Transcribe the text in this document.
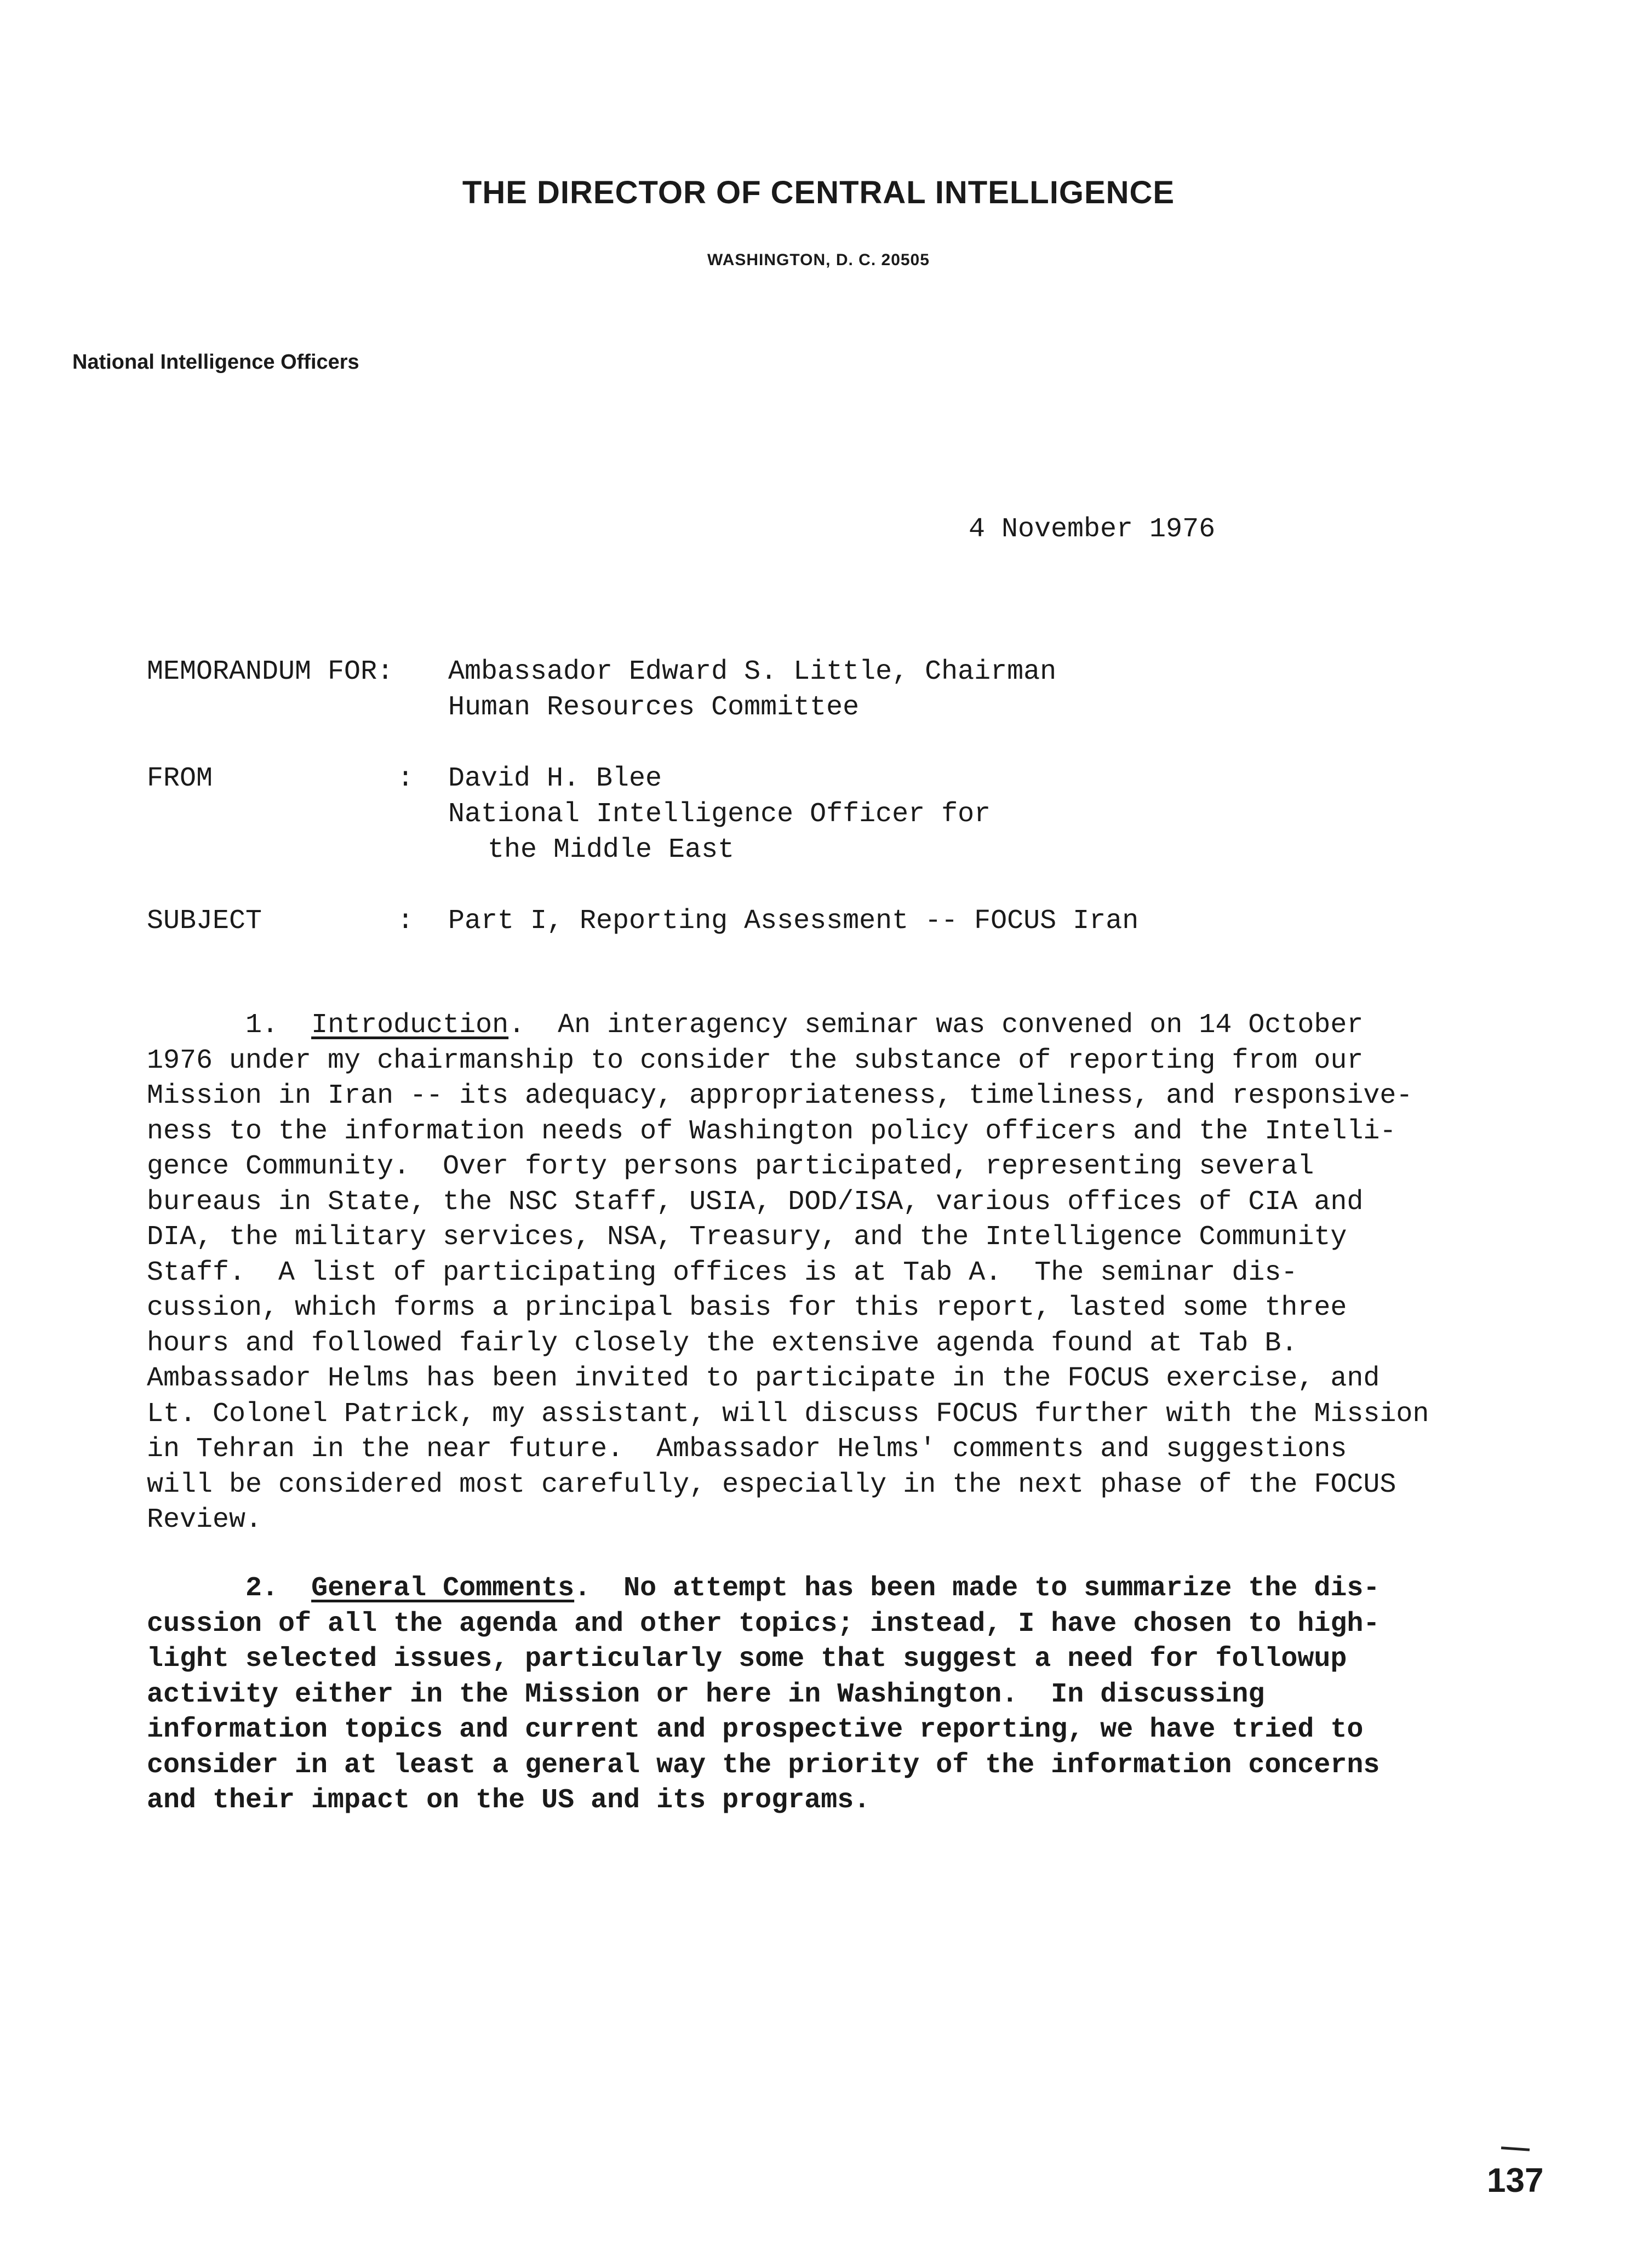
THE DIRECTOR OF CENTRAL INTELLIGENCE
WASHINGTON, D. C. 20505
National Intelligence Officers
4 November 1976
MEMORANDUM FOR: Ambassador Edward S. Little, Chairman
Human Resources Committee
FROM	: David H. Blee
National Intelligence Officer for
the Middle East
SUBJECT	: Part I, Reporting Assessment -- FOCUS Iran
1. Introduction.  An interagency seminar was convened on 14 October
1976 under my chairmanship to consider the substance of reporting from our
Mission in Iran -- its adequacy, appropriateness, timeliness, and responsive-
ness to the information needs of Washington policy officers and the Intelli-
gence Community.  Over forty persons participated, representing several
bureaus in State, the NSC Staff, USIA, DOD/ISA, various offices of CIA and
DIA, the military services, NSA, Treasury, and the Intelligence Community
Staff.  A list of participating offices is at Tab A.  The seminar dis-
cussion, which forms a principal basis for this report, lasted some three
hours and followed fairly closely the extensive agenda found at Tab B.
Ambassador Helms has been invited to participate in the FOCUS exercise, and
Lt. Colonel Patrick, my assistant, will discuss FOCUS further with the Mission
in Tehran in the near future.  Ambassador Helms' comments and suggestions
will be considered most carefully, especially in the next phase of the FOCUS
Review.
2. General Comments.  No attempt has been made to summarize the dis-
cussion of all the agenda and other topics; instead, I have chosen to high-
light selected issues, particularly some that suggest a need for followup
activity either in the Mission or here in Washington.  In discussing
information topics and current and prospective reporting, we have tried to
consider in at least a general way the priority of the information concerns
and their impact on the US and its programs.
137
